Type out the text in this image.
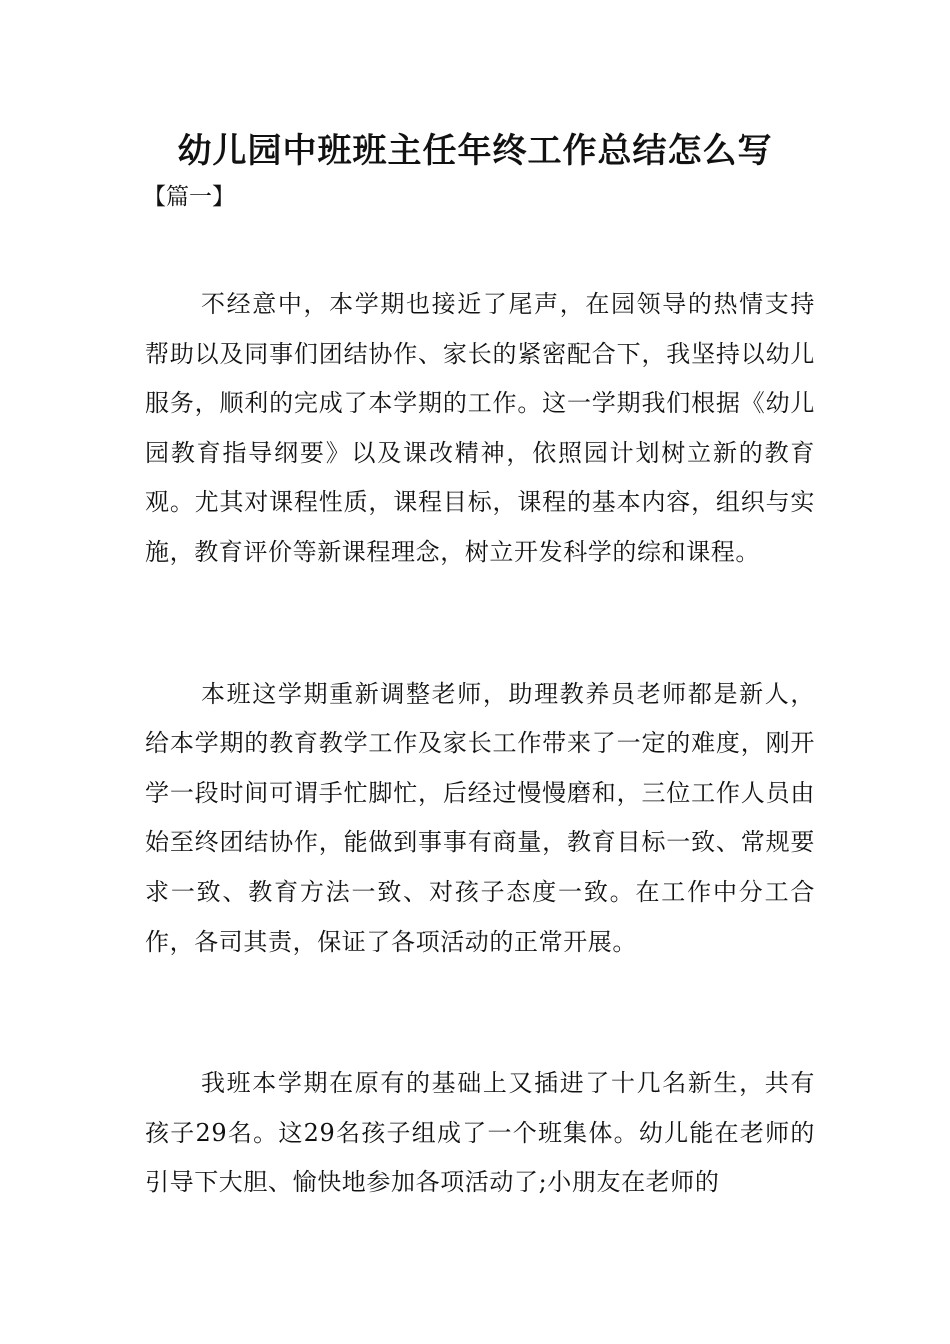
幼儿园中班班主任年终工作总结怎么写
【篇一】

不经意中，本学期也接近了尾声，在园领导的热情支持帮助以及同事们团结协作、家长的紧密配合下，我坚持以幼儿服务，顺利的完成了本学期的工作。这一学期我们根据《幼儿园教育指导纲要》以及课改精神，依照园计划树立新的教育观。尤其对课程性质，课程目标，课程的基本内容，组织与实施，教育评价等新课程理念，树立开发科学的综和课程。

本班这学期重新调整老师，助理教养员老师都是新人，给本学期的教育教学工作及家长工作带来了一定的难度，刚开学一段时间可谓手忙脚忙，后经过慢慢磨和，三位工作人员由始至终团结协作，能做到事事有商量，教育目标一致、常规要求一致、教育方法一致、对孩子态度一致。在工作中分工合作，各司其责，保证了各项活动的正常开展。

我班本学期在原有的基础上又插进了十几名新生，共有孩子29名。这29名孩子组成了一个班集体。幼儿能在老师的引导下大胆、愉快地参加各项活动了;小朋友在老师的
